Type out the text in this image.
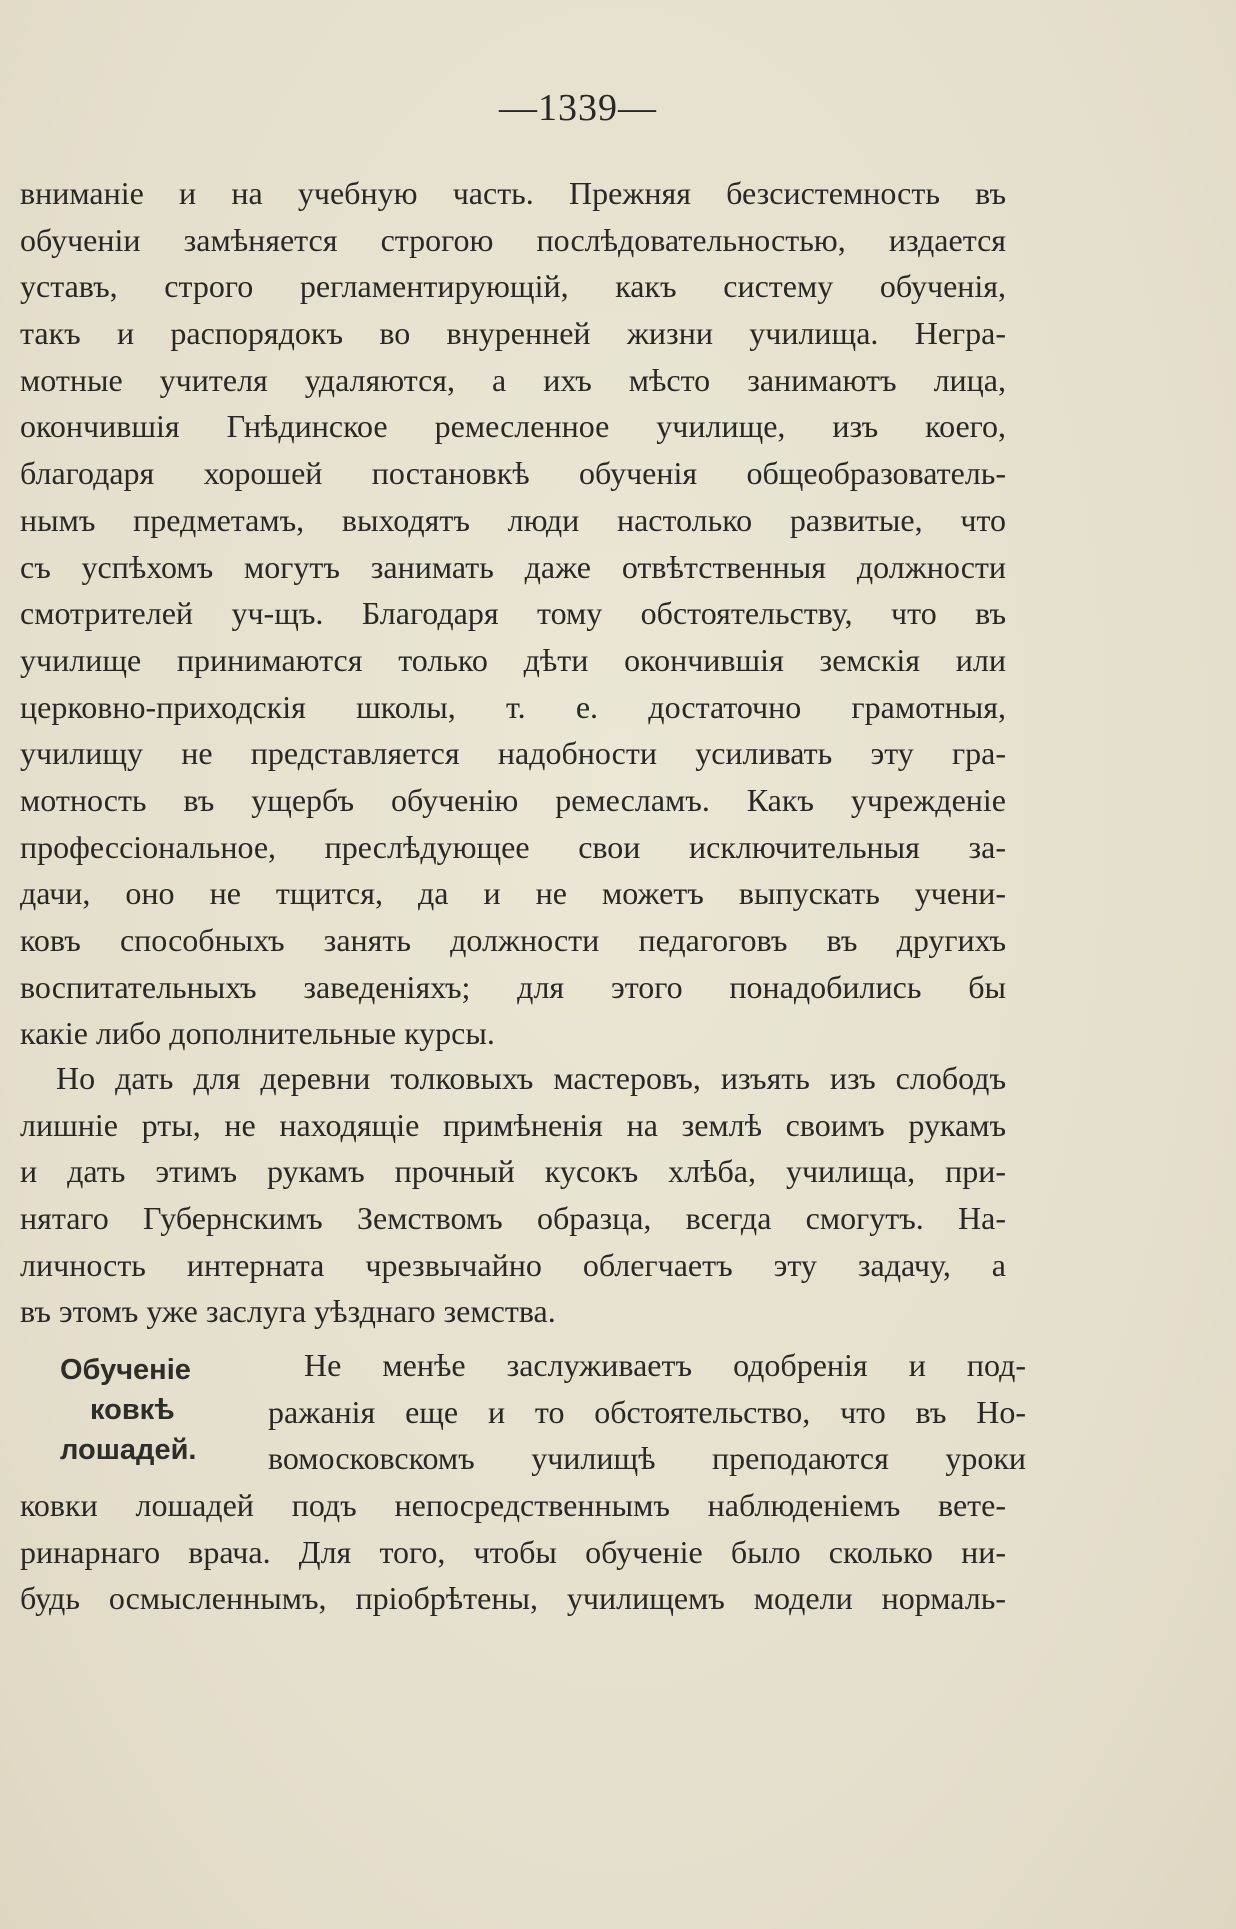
—1339—
вниманіе и на учебную часть. Прежняя безсистемность въ
обученіи замѣняется строгою послѣдовательностью, издается
уставъ, строго регламентирующій, какъ систему обученія,
такъ и распорядокъ во внуренней жизни училища. Негра-
мотные учителя удаляются, а ихъ мѣсто занимаютъ лица,
окончившія Гнѣдинское ремесленное училище, изъ коего,
благодаря хорошей постановкѣ обученія общеобразователь-
нымъ предметамъ, выходятъ люди настолько развитые, что
съ успѣхомъ могутъ занимать даже отвѣтственныя должности
смотрителей уч-щъ. Благодаря тому обстоятельству, что въ
училище принимаются только дѣти окончившія земскія или
церковно-приходскія школы, т. е. достаточно грамотныя,
училищу не представляется надобности усиливать эту гра-
мотность въ ущербъ обученію ремесламъ. Какъ учрежденіе
профессіональное, преслѣдующее свои исключительныя за-
дачи, оно не тщится, да и не можетъ выпускать учени-
ковъ способныхъ занять должности педагоговъ въ другихъ
воспитательныхъ заведеніяхъ; для этого понадобились бы
какіе либо дополнительные курсы.
Но дать для деревни толковыхъ мастеровъ, изъять изъ слободъ
лишніе рты, не находящіе примѣненія на землѣ своимъ рукамъ
и дать этимъ рукамъ прочный кусокъ хлѣба, училища, при-
нятаго Губернскимъ Земствомъ образца, всегда смогутъ. На-
личность интерната чрезвычайно облегчаетъ эту задачу, а
въ этомъ уже заслуга уѣзднаго земства.
Обученіе
ковкѣ
лошадей.
Не менѣе заслуживаетъ одобренія и под-
ражанія еще и то обстоятельство, что въ Но-
вомосковскомъ училищѣ преподаются уроки
ковки лошадей подъ непосредственнымъ наблюденіемъ вете-
ринарнаго врача. Для того, чтобы обученіе было сколько ни-
будь осмысленнымъ, пріобрѣтены, училищемъ модели нормаль-
